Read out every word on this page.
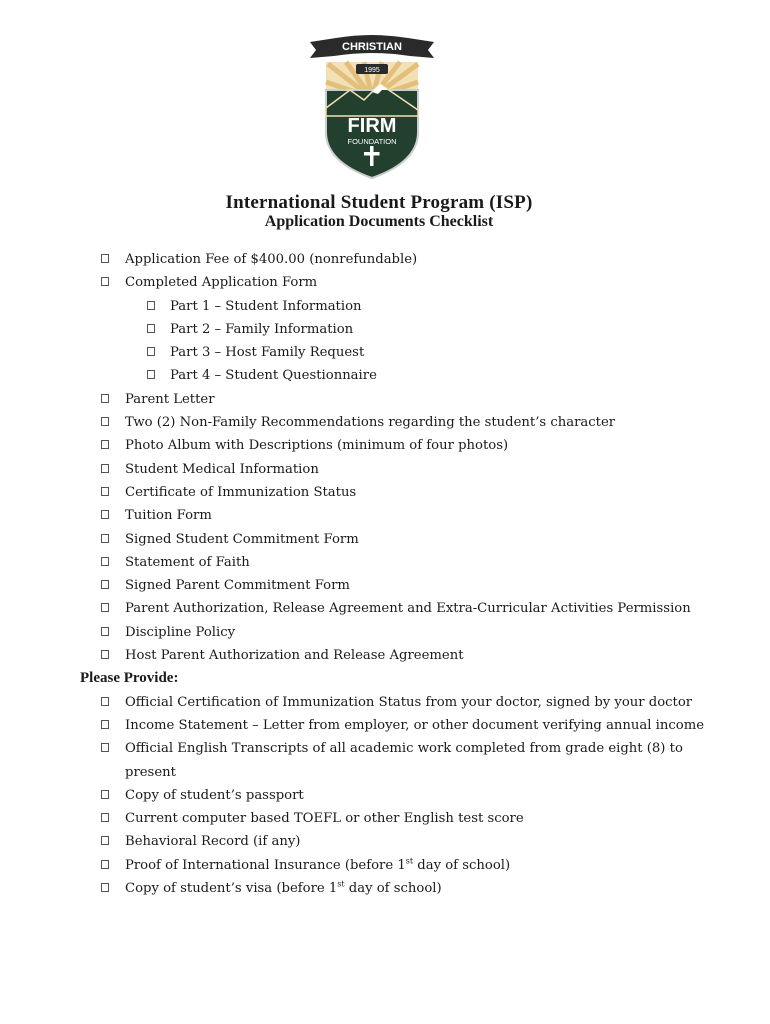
FIRM
FOUNDATION
CHRISTIAN
SCHOOL
1995
International Student Program (ISP)
Application Documents Checklist
Application Fee of $400.00 (nonrefundable)
Completed Application Form
Part 1 – Student Information
Part 2 – Family Information
Part 3 – Host Family Request
Part 4 – Student Questionnaire
Parent Letter
Two (2) Non-Family Recommendations regarding the student’s character
Photo Album with Descriptions (minimum of four photos)
Student Medical Information
Certificate of Immunization Status
Tuition Form
Signed Student Commitment Form
Statement of Faith
Signed Parent Commitment Form
Parent Authorization, Release Agreement and Extra-Curricular Activities Permission
Discipline Policy
Host Parent Authorization and Release Agreement
Please Provide:
Official Certification of Immunization Status from your doctor, signed by your doctor
Income Statement – Letter from employer, or other document verifying annual income
Official English Transcripts of all academic work completed from grade eight (8) to
present
Copy of student’s passport
Current computer based TOEFL or other English test score
Behavioral Record (if any)
Proof of International Insurance (before 1st day of school)
Copy of student’s visa (before 1st day of school)
